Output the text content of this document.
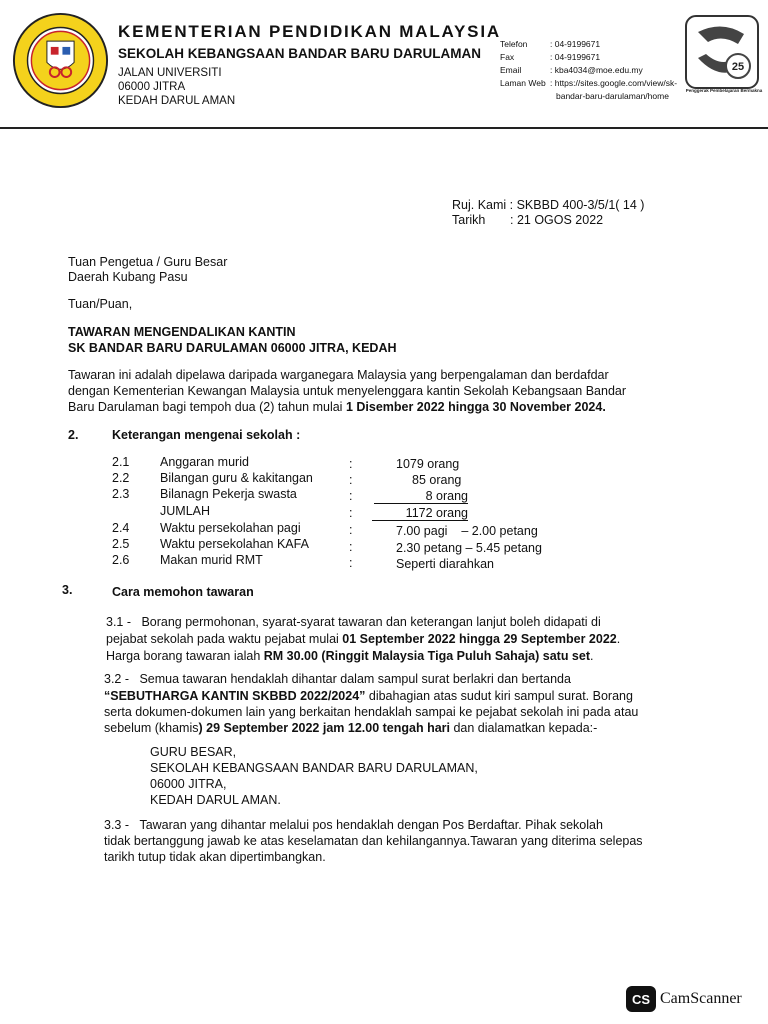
KEMENTERIAN PENDIDIKAN MALAYSIA
SEKOLAH KEBANGSAAN BANDAR BARU DARULAMAN
JALAN UNIVERSITI
06000 JITRA
KEDAH DARUL AMAN
Telefon	: 04-9199671
Fax	: 04-9199671
Email	: kba4034@moe.edu.my
Laman Web : https://sites.google.com/view/sk-
bandar-baru-darulaman/home
25
Penggerak Pembelajaran Bermakna
Ruj. Kami : SKBBD 400-3/5/1( 14 )
Tarikh : 21 OGOS 2022
Tuan Pengetua / Guru Besar
Daerah Kubang Pasu
Tuan/Puan,
TAWARAN MENGENDALIKAN KANTIN
SK BANDAR BARU DARULAMAN 06000 JITRA, KEDAH
Tawaran ini adalah dipelawa daripada warganegara Malaysia yang berpengalaman dan berdafdar
dengan Kementerian Kewangan Malaysia untuk menyelenggara kantin Sekolah Kebangsaan Bandar
Baru Darulaman bagi tempoh dua (2) tahun mulai 1 Disember 2022 hingga 30 November 2024.
2.	Keterangan mengenai sekolah :
2.1 Anggaran murid	:	1079 orang
2.2 Bilangan guru & kakitangan	:	85 orang
2.3 Bilanagn Pekerja swasta	:	8 orang
JUMLAH	:	1172 orang
2.4 Waktu persekolahan pagi	:	7.00 pagi    – 2.00 petang
2.5 Waktu persekolahan KAFA	:	2.30 petang – 5.45 petang
2.6 Makan murid RMT	:	Seperti diarahkan
3.	Cara memohon tawaran
3.1 - Borang permohonan, syarat-syarat tawaran dan keterangan lanjut boleh didapati di
pejabat sekolah pada waktu pejabat mulai 01 September 2022 hingga 29 September 2022.
Harga borang tawaran ialah RM 30.00 (Ringgit Malaysia Tiga Puluh Sahaja) satu set.
3.2 - Semua tawaran hendaklah dihantar dalam sampul surat berlakri dan bertanda
“SEBUTHARGA KANTIN SKBBD 2022/2024” dibahagian atas sudut kiri sampul surat. Borang
serta dokumen-dokumen lain yang berkaitan hendaklah sampai ke pejabat sekolah ini pada atau
sebelum (khamis) 29 September 2022 jam 12.00 tengah hari dan dialamatkan kepada:-
GURU BESAR,
SEKOLAH KEBANGSAAN BANDAR BARU DARULAMAN,
06000 JITRA,
KEDAH DARUL AMAN.
3.3 - Tawaran yang dihantar melalui pos hendaklah dengan Pos Berdaftar. Pihak sekolah
tidak bertanggung jawab ke atas keselamatan dan kehilangannya.Tawaran yang diterima selepas
tarikh tutup tidak akan dipertimbangkan.
CS CamScanner
